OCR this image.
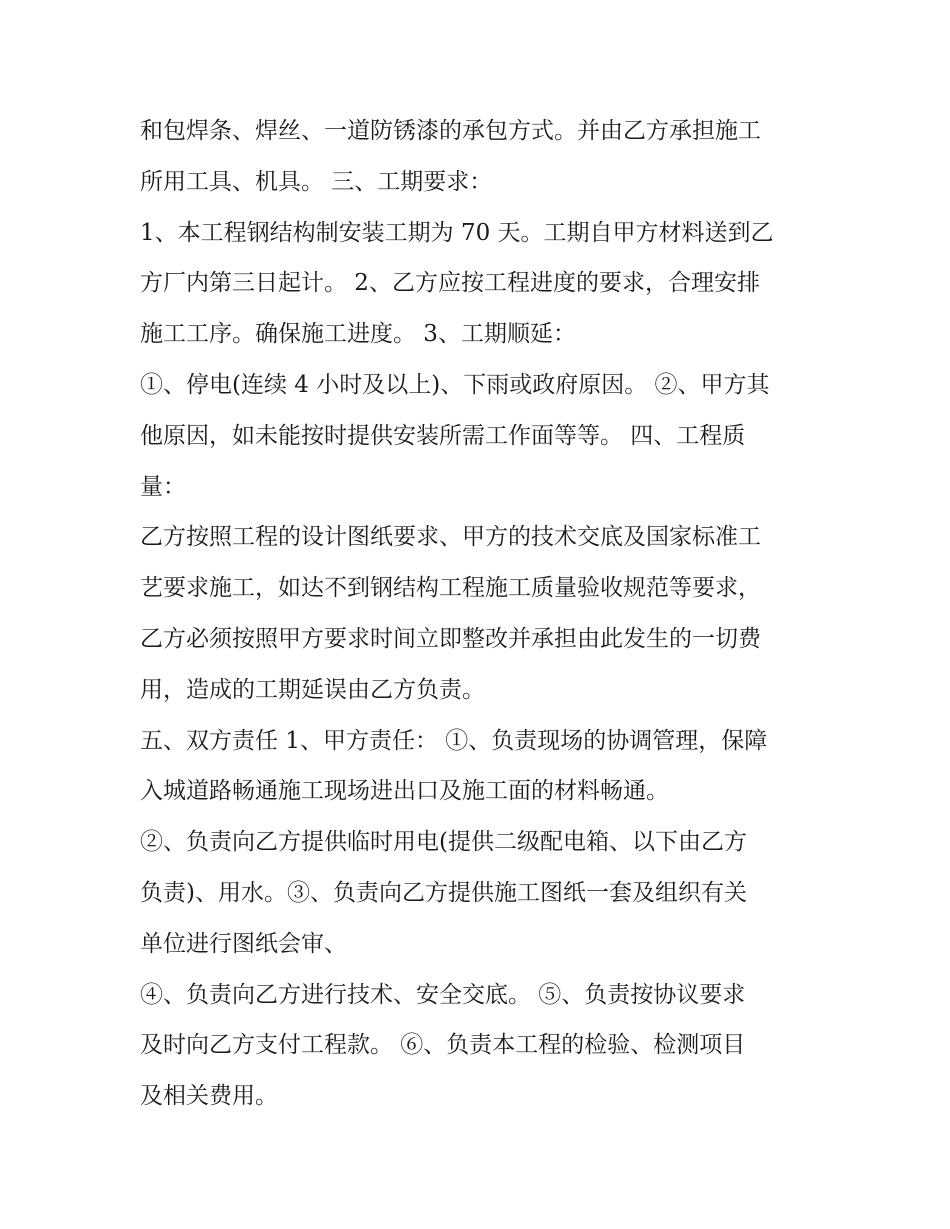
和包焊条、焊丝、一道防锈漆的承包方式。并由乙方承担施工
所用工具、机具。 三、工期要求：
1、本工程钢结构制安装工期为 70 天。工期自甲方材料送到乙
方厂内第三日起计。 2、乙方应按工程进度的要求，合理安排
施工工序。确保施工进度。 3、工期顺延：
①、停电(连续 4 小时及以上)、下雨或政府原因。 ②、甲方其
他原因，如未能按时提供安装所需工作面等等。 四、工程质
量：
乙方按照工程的设计图纸要求、甲方的技术交底及国家标准工
艺要求施工，如达不到钢结构工程施工质量验收规范等要求，
乙方必须按照甲方要求时间立即整改并承担由此发生的一切费
用，造成的工期延误由乙方负责。
五、双方责任 1、甲方责任： ①、负责现场的协调管理，保障
入城道路畅通施工现场进出口及施工面的材料畅通。
②、负责向乙方提供临时用电(提供二级配电箱、以下由乙方
负责)、用水。③、负责向乙方提供施工图纸一套及组织有关
单位进行图纸会审、
④、负责向乙方进行技术、安全交底。 ⑤、负责按协议要求
及时向乙方支付工程款。 ⑥、负责本工程的检验、检测项目
及相关费用。
